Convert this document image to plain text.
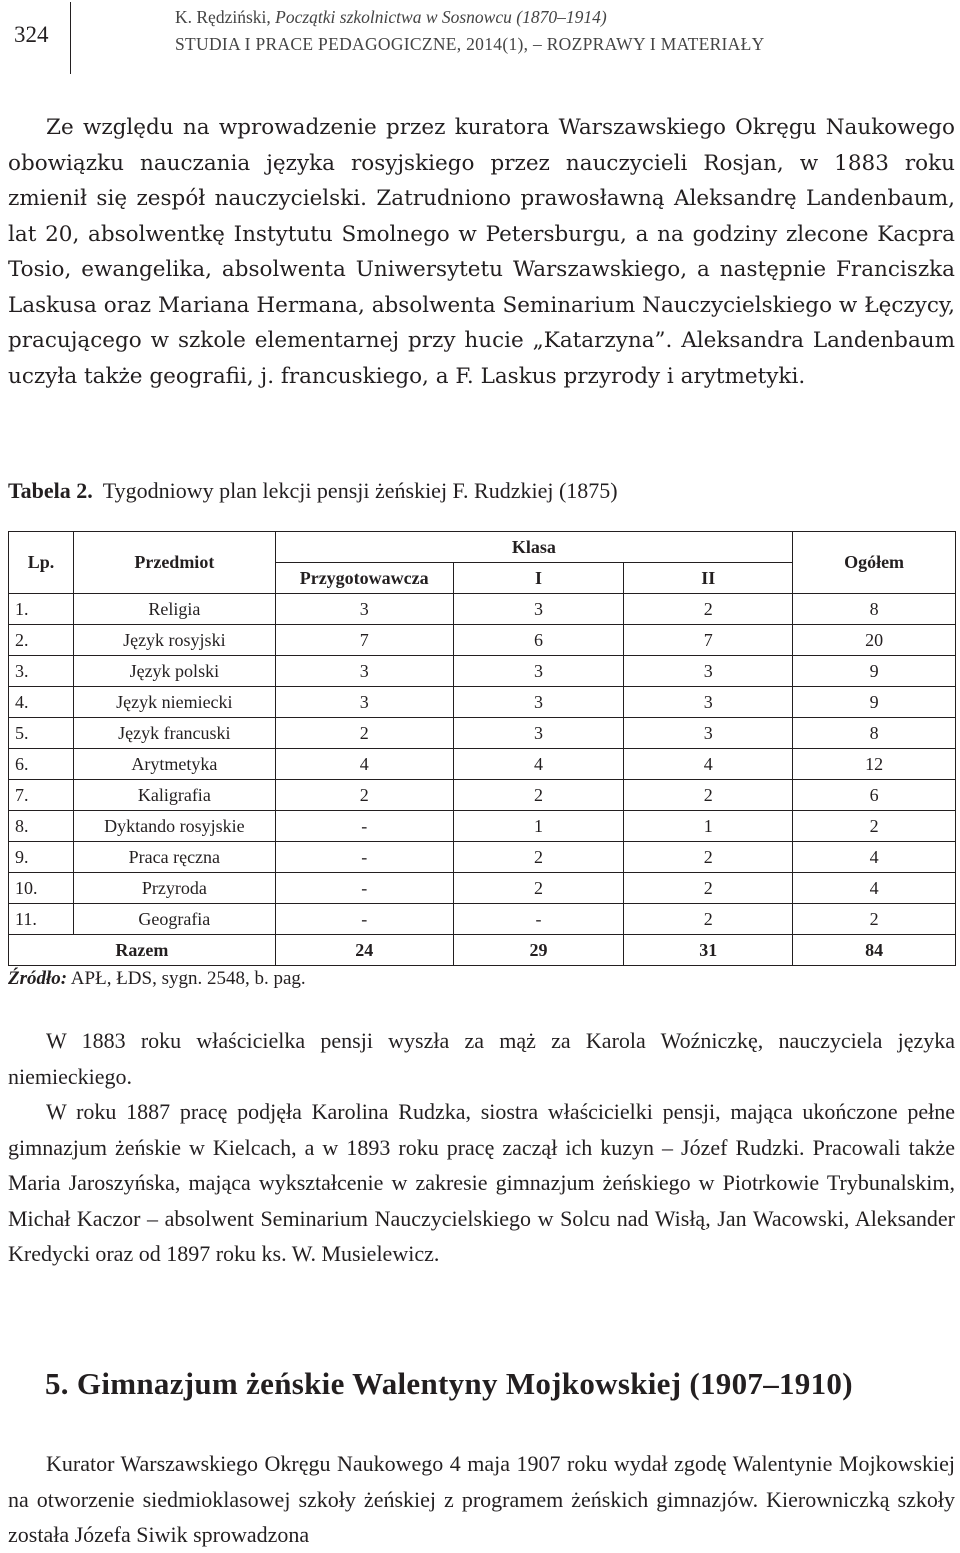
324
K. Rędziński, Początki szkolnictwa w Sosnowcu (1870–1914)
STUDIA I PRACE PEDAGOGICZNE, 2014(1), – ROZPRAWY I MATERIAŁY

Ze względu na wprowadzenie przez kuratora Warszawskiego Okręgu Naukowego obowiązku nauczania języka rosyjskiego przez nauczycieli Rosjan, w 1883 roku zmienił się zespół nauczycielski. Zatrudniono prawosławną Aleksandrę Landenbaum, lat 20, absolwentkę Instytutu Smolnego w Petersburgu, a na godziny zlecone Kacpra Tosio, ewangelika, absolwenta Uniwersytetu Warszawskiego, a następnie Franciszka Laskusa oraz Mariana Hermana, absolwenta Seminarium Nauczycielskiego w Łęczycy, pracującego w szkole elementarnej przy hucie „Katarzyna”. Aleksandra Landenbaum uczyła także geografii, j. francuskiego, a F. Laskus przyrody i arytmetyki.

Tabela 2. Tygodniowy plan lekcji pensji żeńskiej F. Rudzkiej (1875)
Lp.	Przedmiot	Klasa			Ogółem
		Przygotowawcza	I	II	
1.	Religia	3	3	2	8
2.	Język rosyjski	7	6	7	20
3.	Język polski	3	3	3	9
4.	Język niemiecki	3	3	3	9
5.	Język francuski	2	3	3	8
6.	Arytmetyka	4	4	4	12
7.	Kaligrafia	2	2	2	6
8.	Dyktando rosyjskie	-	1	1	2
9.	Praca ręczna	-	2	2	4
10.	Przyroda	-	2	2	4
11.	Geografia	-	-	2	2
Razem		24	29	31	84
Źródło: APŁ, ŁDS, sygn. 2548, b. pag.

W 1883 roku właścicielka pensji wyszła za mąż za Karola Woźniczkę, nauczyciela języka niemieckiego.

W roku 1887 pracę podjęła Karolina Rudzka, siostra właścicielki pensji, mająca ukończone pełne gimnazjum żeńskie w Kielcach, a w 1893 roku pracę zaczął ich kuzyn – Józef Rudzki. Pracowali także Maria Jaroszyńska, mająca wykształcenie w zakresie gimnazjum żeńskiego w Piotrkowie Trybunalskim, Michał Kaczor – absolwent Seminarium Nauczycielskiego w Solcu nad Wisłą, Jan Wacowski, Aleksander Kredycki oraz od 1897 roku ks. W. Musielewicz.

5. Gimnazjum żeńskie Walentyny Mojkowskiej (1907–1910)

Kurator Warszawskiego Okręgu Naukowego 4 maja 1907 roku wydał zgodę Walentynie Mojkowskiej na otworzenie siedmioklasowej szkoły żeńskiej z programem żeńskich gimnazjów. Kierowniczką szkoły została Józefa Siwik sprowadzona
